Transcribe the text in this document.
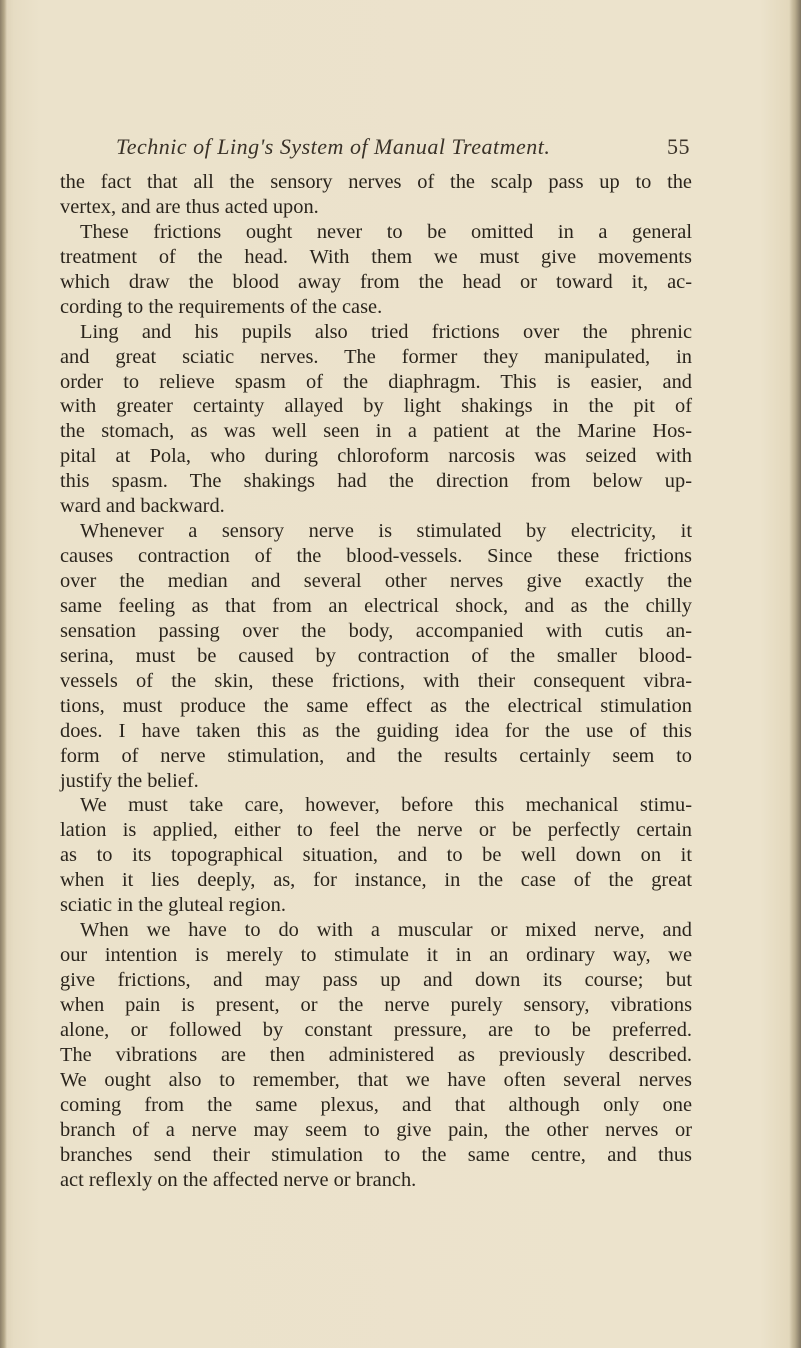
Technic of Ling's System of Manual Treatment.	55
the fact that all the sensory nerves of the scalp pass up to the
vertex, and are thus acted upon.
These frictions ought never to be omitted in a general
treatment of the head. With them we must give movements
which draw the blood away from the head or toward it, ac-
cording to the requirements of the case.
Ling and his pupils also tried frictions over the phrenic
and great sciatic nerves. The former they manipulated, in
order to relieve spasm of the diaphragm. This is easier, and
with greater certainty allayed by light shakings in the pit of
the stomach, as was well seen in a patient at the Marine Hos-
pital at Pola, who during chloroform narcosis was seized with
this spasm. The shakings had the direction from below up-
ward and backward.
Whenever a sensory nerve is stimulated by electricity, it
causes contraction of the blood-vessels. Since these frictions
over the median and several other nerves give exactly the
same feeling as that from an electrical shock, and as the chilly
sensation passing over the body, accompanied with cutis an-
serina, must be caused by contraction of the smaller blood-
vessels of the skin, these frictions, with their consequent vibra-
tions, must produce the same effect as the electrical stimulation
does. I have taken this as the guiding idea for the use of this
form of nerve stimulation, and the results certainly seem to
justify the belief.
We must take care, however, before this mechanical stimu-
lation is applied, either to feel the nerve or be perfectly certain
as to its topographical situation, and to be well down on it
when it lies deeply, as, for instance, in the case of the great
sciatic in the gluteal region.
When we have to do with a muscular or mixed nerve, and
our intention is merely to stimulate it in an ordinary way, we
give frictions, and may pass up and down its course; but
when pain is present, or the nerve purely sensory, vibrations
alone, or followed by constant pressure, are to be preferred.
The vibrations are then administered as previously described.
We ought also to remember, that we have often several nerves
coming from the same plexus, and that although only one
branch of a nerve may seem to give pain, the other nerves or
branches send their stimulation to the same centre, and thus
act reflexly on the affected nerve or branch.
